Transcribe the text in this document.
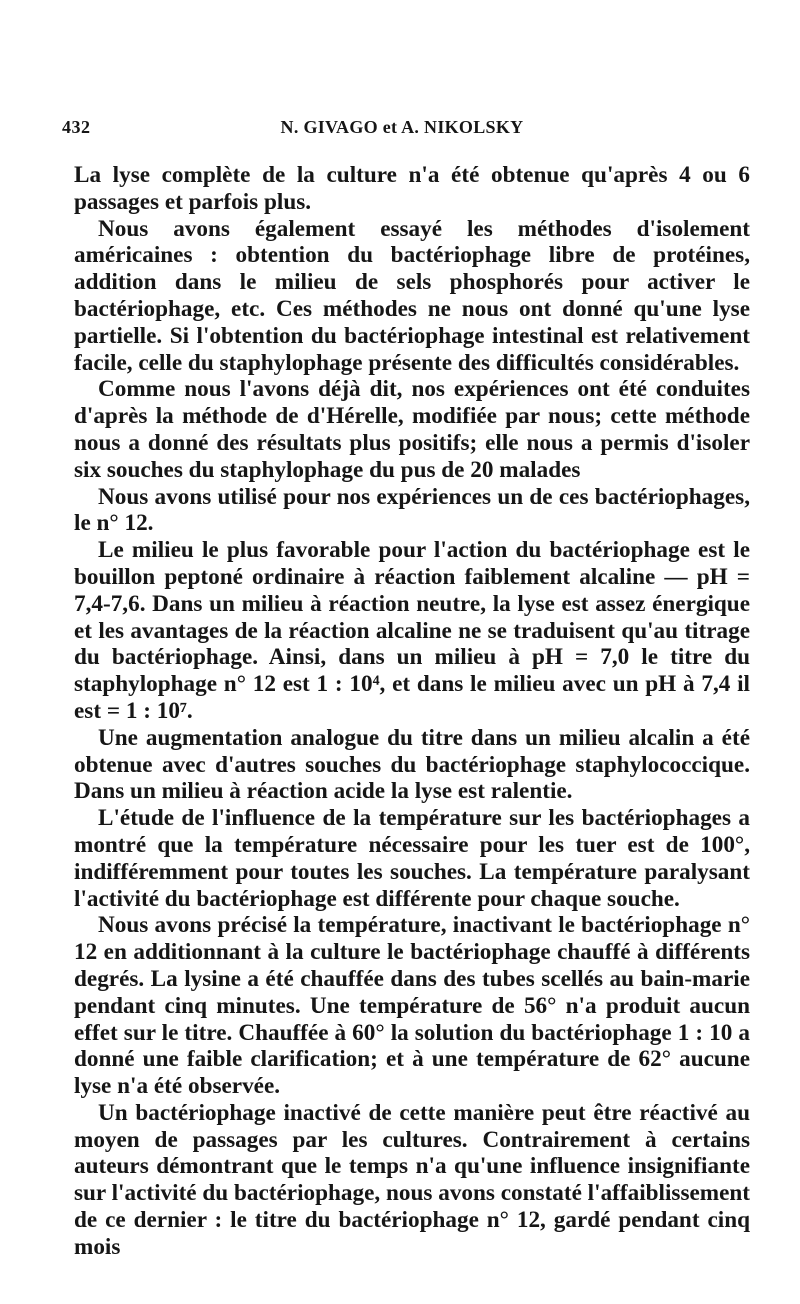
432	N. GIVAGO et A. NIKOLSKY

La lyse complète de la culture n'a été obtenue qu'après 4 ou 6 passages et parfois plus.

Nous avons également essayé les méthodes d'isolement américaines : obtention du bactériophage libre de protéines, addition dans le milieu de sels phosphorés pour activer le bactériophage, etc. Ces méthodes ne nous ont donné qu'une lyse partielle. Si l'obtention du bactériophage intestinal est relativement facile, celle du staphylophage présente des difficultés considérables.

Comme nous l'avons déjà dit, nos expériences ont été conduites d'après la méthode de d'Hérelle, modifiée par nous; cette méthode nous a donné des résultats plus positifs; elle nous a permis d'isoler six souches du staphylophage du pus de 20 malades

Nous avons utilisé pour nos expériences un de ces bactériophages, le n° 12.

Le milieu le plus favorable pour l'action du bactériophage est le bouillon peptoné ordinaire à réaction faiblement alcaline — pH = 7,4-7,6. Dans un milieu à réaction neutre, la lyse est assez énergique et les avantages de la réaction alcaline ne se traduisent qu'au titrage du bactériophage. Ainsi, dans un milieu à pH = 7,0 le titre du staphylophage n° 12 est 1 : 10⁴, et dans le milieu avec un pH à 7,4 il est = 1 : 10⁷.

Une augmentation analogue du titre dans un milieu alcalin a été obtenue avec d'autres souches du bactériophage staphylococcique. Dans un milieu à réaction acide la lyse est ralentie.

L'étude de l'influence de la température sur les bactériophages a montré que la température nécessaire pour les tuer est de 100°, indifféremment pour toutes les souches. La température paralysant l'activité du bactériophage est différente pour chaque souche.

Nous avons précisé la température, inactivant le bactériophage n° 12 en additionnant à la culture le bactériophage chauffé à différents degrés. La lysine a été chauffée dans des tubes scellés au bain-marie pendant cinq minutes. Une température de 56° n'a produit aucun effet sur le titre. Chauffée à 60° la solution du bactériophage 1 : 10 a donné une faible clarification; et à une température de 62° aucune lyse n'a été observée.

Un bactériophage inactivé de cette manière peut être réactivé au moyen de passages par les cultures. Contrairement à certains auteurs démontrant que le temps n'a qu'une influence insignifiante sur l'activité du bactériophage, nous avons constaté l'affaiblissement de ce dernier : le titre du bactériophage n° 12, gardé pendant cinq mois
